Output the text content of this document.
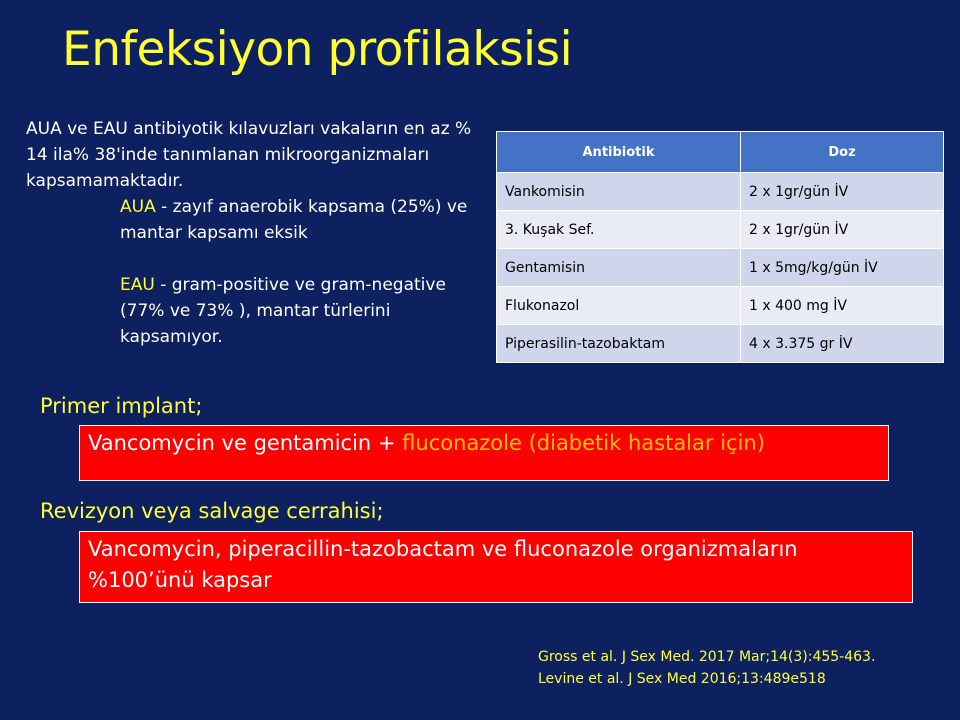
Enfeksiyon profilaksisi

AUA ve EAU antibiyotik kılavuzları vakaların en az % 14 ila% 38'inde tanımlanan mikroorganizmaları kapsamamaktadır.

AUA - zayıf anaerobik kapsama (25%) ve mantar kapsamı eksik

EAU - gram-positive ve gram-negative (77% ve 73% ), mantar türlerini kapsamıyor.

Antibiotik	Doz
Vankomisin	2 x 1gr/gün İV
3. Kuşak Sef.	2 x 1gr/gün İV
Gentamisin	1 x 5mg/kg/gün İV
Flukonazol	1 x 400 mg İV
Piperasilin-tazobaktam	4 x 3.375 gr İV
Primer implant;
Vancomycin ve gentamicin + fluconazole (diabetik hastalar için)
Revizyon veya salvage cerrahisi;
Vancomycin, piperacillin-tazobactam ve fluconazole organizmaların %100’ünü kapsar
Gross et al. J Sex Med. 2017 Mar;14(3):455-463.
Levine et al. J Sex Med 2016;13:489e518
